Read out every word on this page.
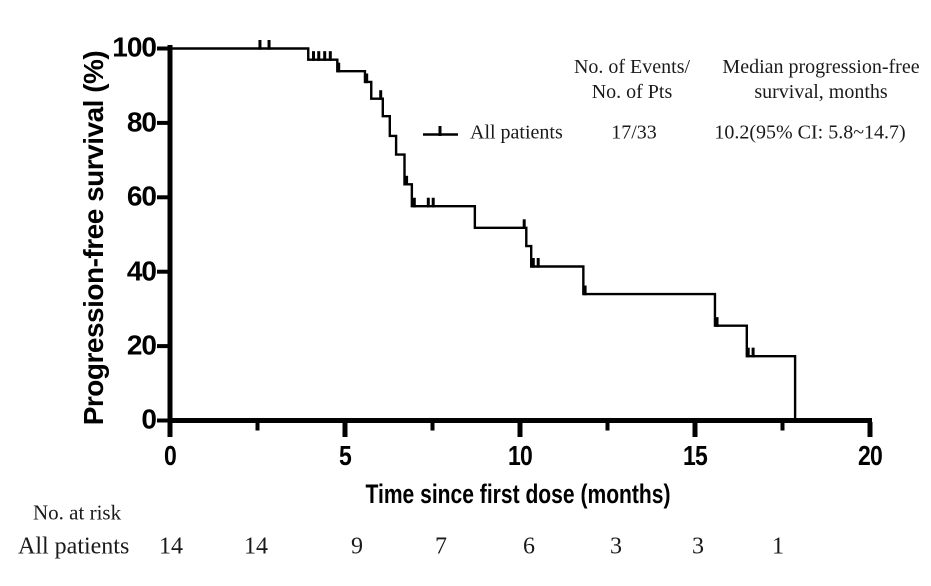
Progression-free survival (%)
100
80
60
40
20
0
0	5	10	15	20
Time since first dose (months)
No. of Events/
No. of Pts
Median progression-free
survival, months
All patients 17/33	10.2(95% CI: 5.8~14.7)
No. at risk
All patients 14	14	9	7	6	3	3	1
